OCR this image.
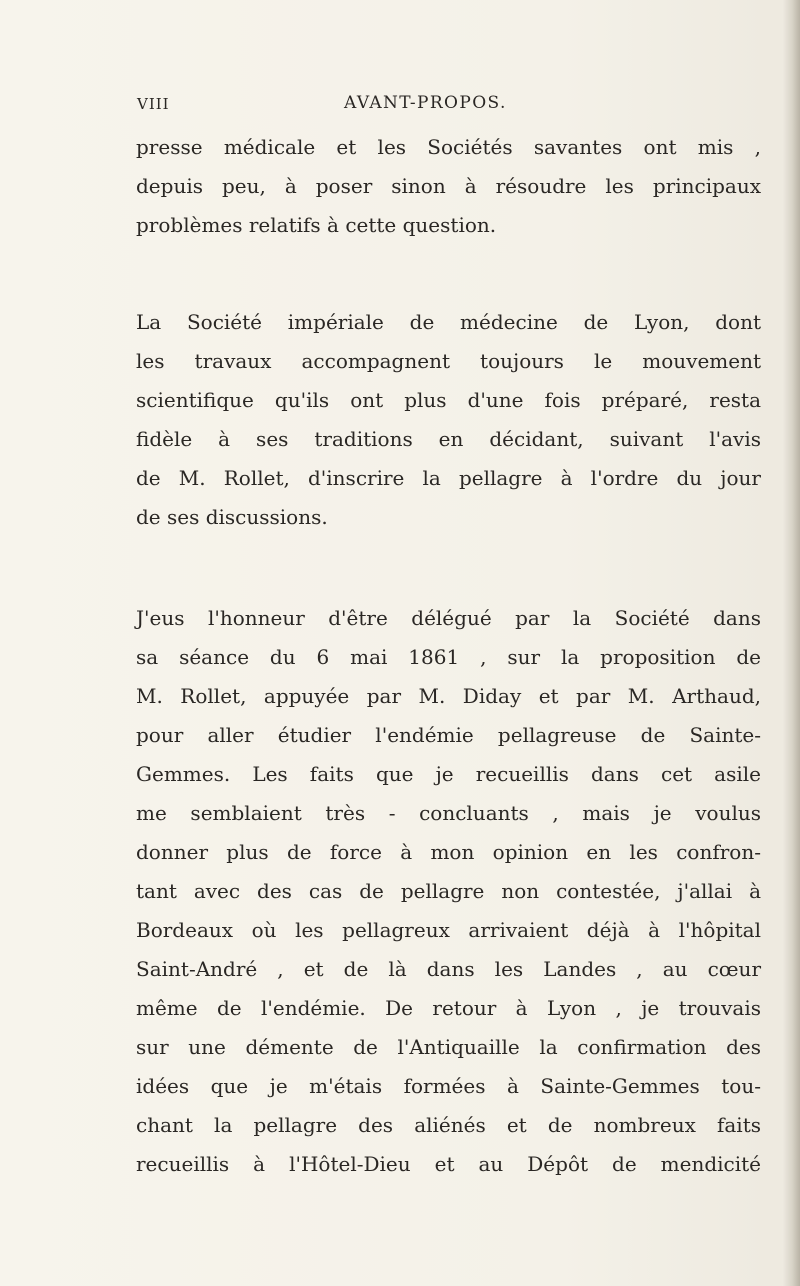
VIII	AVANT-PROPOS.
presse médicale et les Sociétés savantes ont mis ,
depuis peu, à poser sinon à résoudre les principaux
problèmes relatifs à cette question.
La Société impériale de médecine de Lyon, dont
les travaux accompagnent toujours le mouvement
scientifique qu'ils ont plus d'une fois préparé, resta
fidèle à ses traditions en décidant, suivant l'avis
de M. Rollet, d'inscrire la pellagre à l'ordre du jour
de ses discussions.
J'eus l'honneur d'être délégué par la Société dans
sa séance du 6 mai 1861 , sur la proposition de
M. Rollet, appuyée par M. Diday et par M. Arthaud,
pour aller étudier l'endémie pellagreuse de Sainte-
Gemmes. Les faits que je recueillis dans cet asile
me semblaient très - concluants , mais je voulus
donner plus de force à mon opinion en les confron-
tant avec des cas de pellagre non contestée, j'allai à
Bordeaux où les pellagreux arrivaient déjà à l'hôpital
Saint-André , et de là dans les Landes , au cœur
même de l'endémie. De retour à Lyon , je trouvais
sur une démente de l'Antiquaille la confirmation des
idées que je m'étais formées à Sainte-Gemmes tou-
chant la pellagre des aliénés et de nombreux faits
recueillis à l'Hôtel-Dieu et au Dépôt de mendicité
